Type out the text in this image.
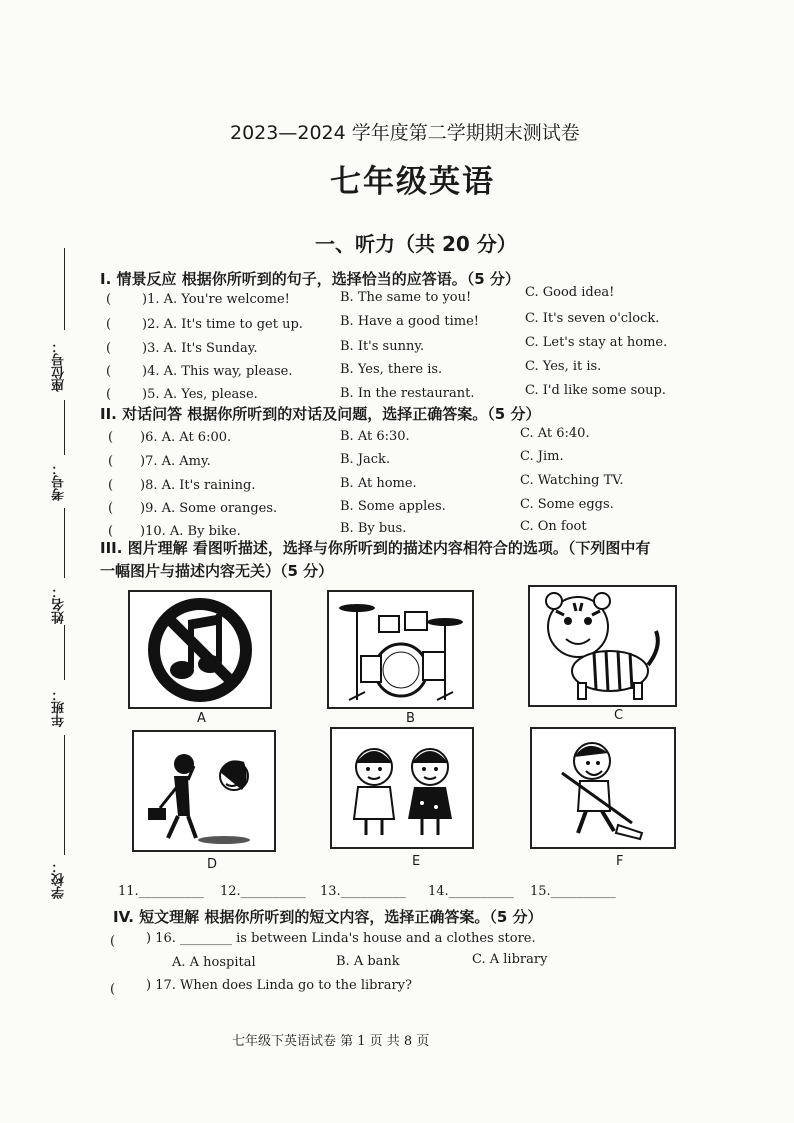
2023—2024 学年度第二学期期末测试卷
七年级英语
座位号：
考号：
姓名：
年班：
学校：
一、听力（共 20 分）
I. 情景反应 根据你所听到的句子，选择恰当的应答语。（5 分）
( )1. A. You're welcome!	B. The same to you!	C. Good idea!
( )2. A. It's time to get up.	B. Have a good time!	C. It's seven o'clock.
( )3. A. It's Sunday.	B. It's sunny.	C. Let's stay at home.
( )4. A. This way, please.	B. Yes, there is.	C. Yes, it is.
( )5. A. Yes, please.	B. In the restaurant.	C. I'd like some soup.
II. 对话问答 根据你所听到的对话及问题，选择正确答案。（5 分）
( )6. A. At 6:00.	B. At 6:30.	C. At 6:40.
( )7. A. Amy.	B. Jack.	C. Jim.
( )8. A. It's raining.	B. At home.	C. Watching TV.
( )9. A. Some oranges.	B. Some apples.	C. Some eggs.
( )10. A. By bike.	B. By bus.	C. On foot
III. 图片理解 看图听描述，选择与你所听到的描述内容相符合的选项。（下列图中有
一幅图片与描述内容无关）（5 分）
A	B	C
D	E	F
11.__________ 12.__________ 13.__________ 14.__________ 15.__________
IV. 短文理解 根据你所听到的短文内容，选择正确答案。（5 分）
( ) 16. ________ is between Linda's house and a clothes store.
A. A hospital	B. A bank	C. A library
( ) 17. When does Linda go to the library?
七年级下英语试卷 第 1 页 共 8 页
